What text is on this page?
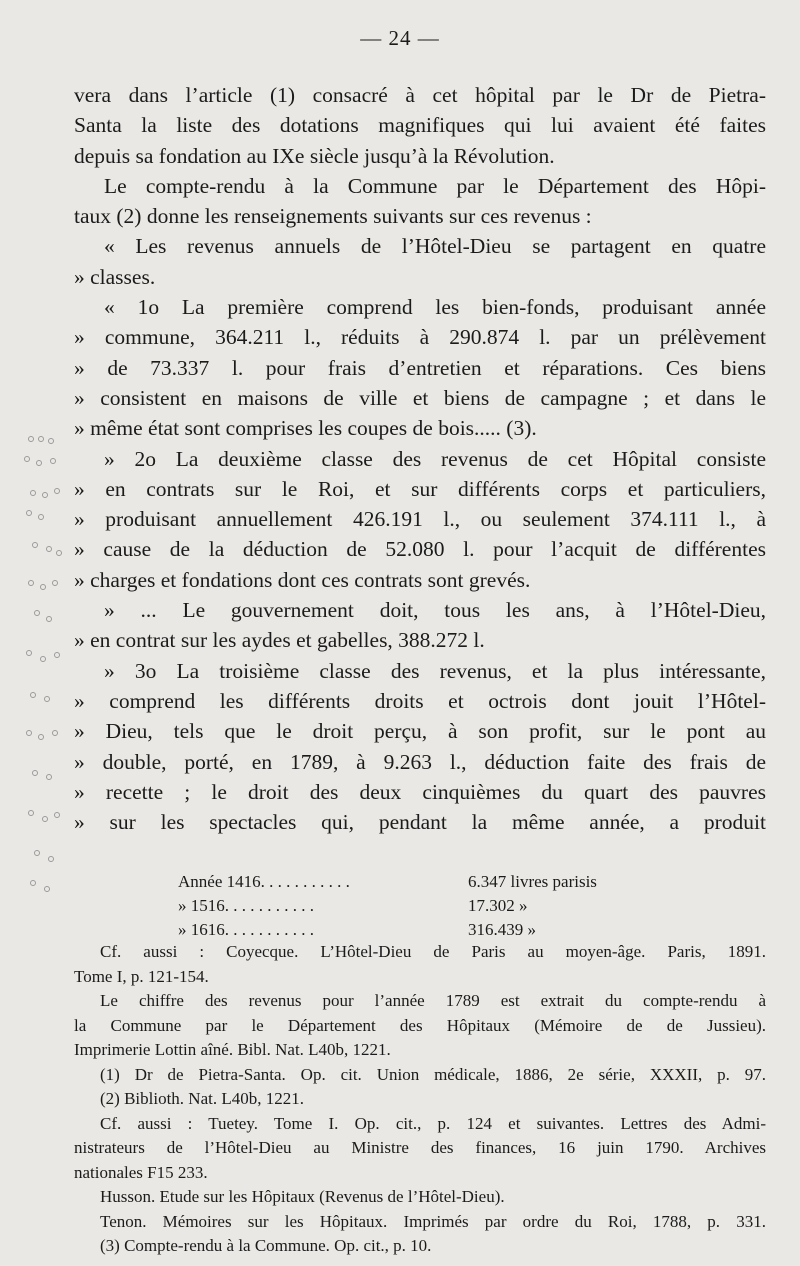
— 24 —
vera dans l’article (1) consacré à cet hôpital par le Dr de Pietra-
Santa la liste des dotations magnifiques qui lui avaient été faites
depuis sa fondation au IXe siècle jusqu’à la Révolution.
Le compte-rendu à la Commune par le Département des Hôpi-
taux (2) donne les renseignements suivants sur ces revenus :
« Les revenus annuels de l’Hôtel-Dieu se partagent en quatre
» classes.
« 1o La première comprend les bien-fonds, produisant année
» commune, 364.211 l., réduits à 290.874 l. par un prélèvement
» de 73.337 l. pour frais d’entretien et réparations. Ces biens
» consistent en maisons de ville et biens de campagne ; et dans le
» même état sont comprises les coupes de bois..... (3).
» 2o La deuxième classe des revenus de cet Hôpital consiste
» en contrats sur le Roi, et sur différents corps et particuliers,
» produisant annuellement 426.191 l., ou seulement 374.111 l., à
» cause de la déduction de 52.080 l. pour l’acquit de différentes
» charges et fondations dont ces contrats sont grevés.
» ... Le gouvernement doit, tous les ans, à l’Hôtel-Dieu,
» en contrat sur les aydes et gabelles, 388.272 l.
» 3o La troisième classe des revenus, et la plus intéressante,
» comprend les différents droits et octrois dont jouit l’Hôtel-
» Dieu, tels que le droit perçu, à son profit, sur le pont au
» double, porté, en 1789, à 9.263 l., déduction faite des frais de
» recette ; le droit des deux cinquièmes du quart des pauvres
» sur les spectacles qui, pendant la même année, a produit
Année 1416. . . . . . . . . . .	6.347 livres parisis
» 1516. . . . . . . . . . .	17.302 »
» 1616. . . . . . . . . . .	316.439 »
Cf. aussi : Coyecque. L’Hôtel-Dieu de Paris au moyen-âge. Paris, 1891.
Tome I, p. 121-154.
Le chiffre des revenus pour l’année 1789 est extrait du compte-rendu à
la Commune par le Département des Hôpitaux (Mémoire de de Jussieu).
Imprimerie Lottin aîné. Bibl. Nat. L40b, 1221.
(1) Dr de Pietra-Santa. Op. cit. Union médicale, 1886, 2e série, XXXII, p. 97.
(2) Biblioth. Nat. L40b, 1221.
Cf. aussi : Tuetey. Tome I. Op. cit., p. 124 et suivantes. Lettres des Admi-
nistrateurs de l’Hôtel-Dieu au Ministre des finances, 16 juin 1790. Archives
nationales F15 233.
Husson. Etude sur les Hôpitaux (Revenus de l’Hôtel-Dieu).
Tenon. Mémoires sur les Hôpitaux. Imprimés par ordre du Roi, 1788, p. 331.
(3) Compte-rendu à la Commune. Op. cit., p. 10.
